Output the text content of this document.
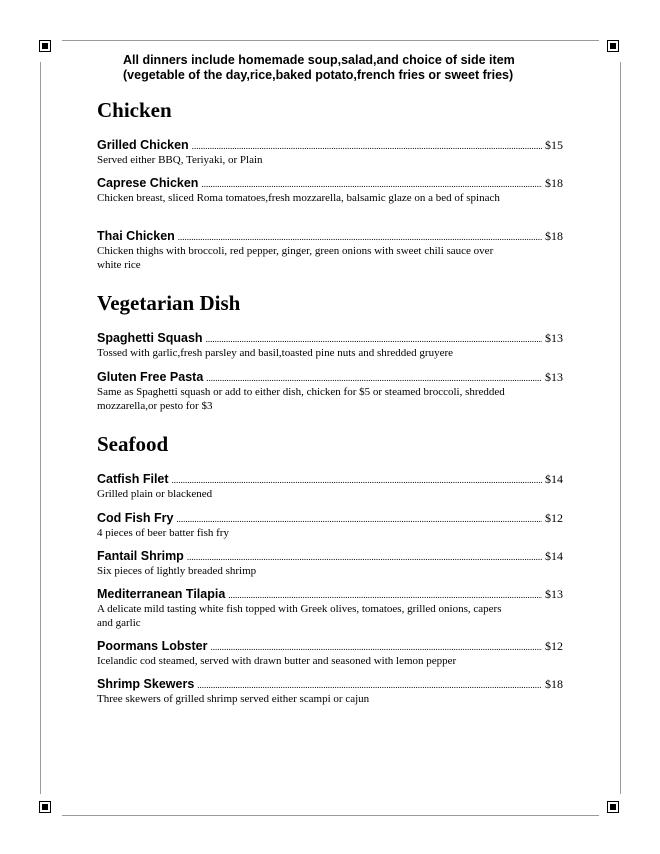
All dinners include homemade soup,salad,and choice of side item
(vegetable of the day,rice,baked potato,french fries or sweet fries)
Chicken
Grilled Chicken .....	$15
Served either BBQ, Teriyaki, or Plain
Caprese Chicken .....	$18
Chicken breast, sliced Roma tomatoes,fresh mozzarella, balsamic glaze on a bed of spinach
Thai Chicken .....	$18
Chicken thighs with broccoli, red pepper, ginger, green onions with sweet chili sauce over white rice
Vegetarian Dish
Spaghetti Squash .....	$13
Tossed with garlic,fresh parsley and basil,toasted pine nuts and shredded gruyere
Gluten Free Pasta .....	$13
Same as Spaghetti squash or add to either dish, chicken for $5 or steamed broccoli, shredded mozzarella,or pesto for $3
Seafood
Catfish Filet .....	$14
Grilled plain or blackened
Cod Fish Fry .....	$12
4 pieces of beer batter fish fry
Fantail Shrimp .....	$14
Six pieces of lightly breaded shrimp
Mediterranean Tilapia .....	$13
A delicate mild tasting white fish topped with Greek olives, tomatoes, grilled onions, capers and garlic
Poormans Lobster .....	$12
Icelandic cod steamed, served with drawn butter and seasoned with lemon pepper
Shrimp Skewers .....	$18
Three skewers of grilled shrimp served either scampi or cajun
